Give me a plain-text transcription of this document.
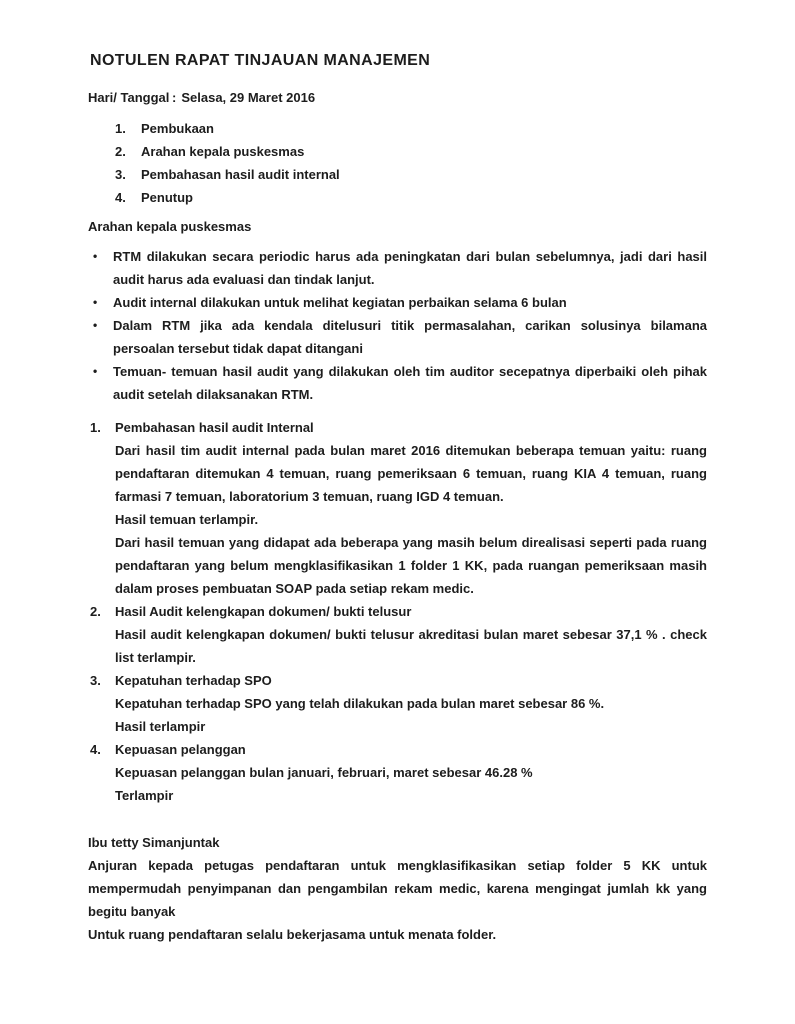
NOTULEN RAPAT TINJAUAN MANAJEMEN
Hari/ Tanggal : Selasa, 29 Maret 2016
1.	Pembukaan
2.	Arahan kepala puskesmas
3.	Pembahasan hasil audit internal
4.	Penutup
Arahan kepala puskesmas
•	RTM dilakukan secara periodic harus ada peningkatan dari bulan sebelumnya, jadi dari hasil audit harus ada evaluasi dan tindak lanjut.
•	Audit internal dilakukan untuk melihat kegiatan perbaikan selama 6 bulan
•	Dalam RTM jika ada kendala ditelusuri titik permasalahan, carikan solusinya bilamana persoalan tersebut tidak dapat ditangani
•	Temuan- temuan hasil audit yang dilakukan oleh tim auditor secepatnya diperbaiki oleh pihak audit setelah dilaksanakan RTM.
1.	Pembahasan hasil audit Internal
Dari hasil tim audit internal pada bulan maret 2016 ditemukan beberapa temuan yaitu: ruang pendaftaran ditemukan 4 temuan, ruang pemeriksaan 6 temuan, ruang KIA 4 temuan, ruang farmasi 7 temuan, laboratorium 3 temuan, ruang IGD 4 temuan.
Hasil temuan terlampir.
Dari hasil temuan yang didapat ada beberapa yang masih belum direalisasi seperti pada ruang pendaftaran yang belum mengklasifikasikan 1 folder 1 KK, pada ruangan pemeriksaan masih dalam proses pembuatan SOAP pada setiap rekam medic.
2.	Hasil Audit kelengkapan dokumen/ bukti telusur
Hasil audit kelengkapan dokumen/ bukti telusur akreditasi bulan maret sebesar 37,1 % . check list terlampir.
3.	Kepatuhan terhadap SPO
Kepatuhan terhadap SPO yang telah dilakukan pada bulan maret sebesar 86 %.
Hasil terlampir
4.	Kepuasan pelanggan
Kepuasan pelanggan bulan januari, februari, maret sebesar 46.28 %
Terlampir
Ibu tetty Simanjuntak
Anjuran kepada petugas pendaftaran untuk mengklasifikasikan setiap folder 5 KK untuk mempermudah penyimpanan dan pengambilan rekam medic, karena mengingat jumlah kk yang begitu banyak
Untuk ruang pendaftaran selalu bekerjasama untuk menata folder.
